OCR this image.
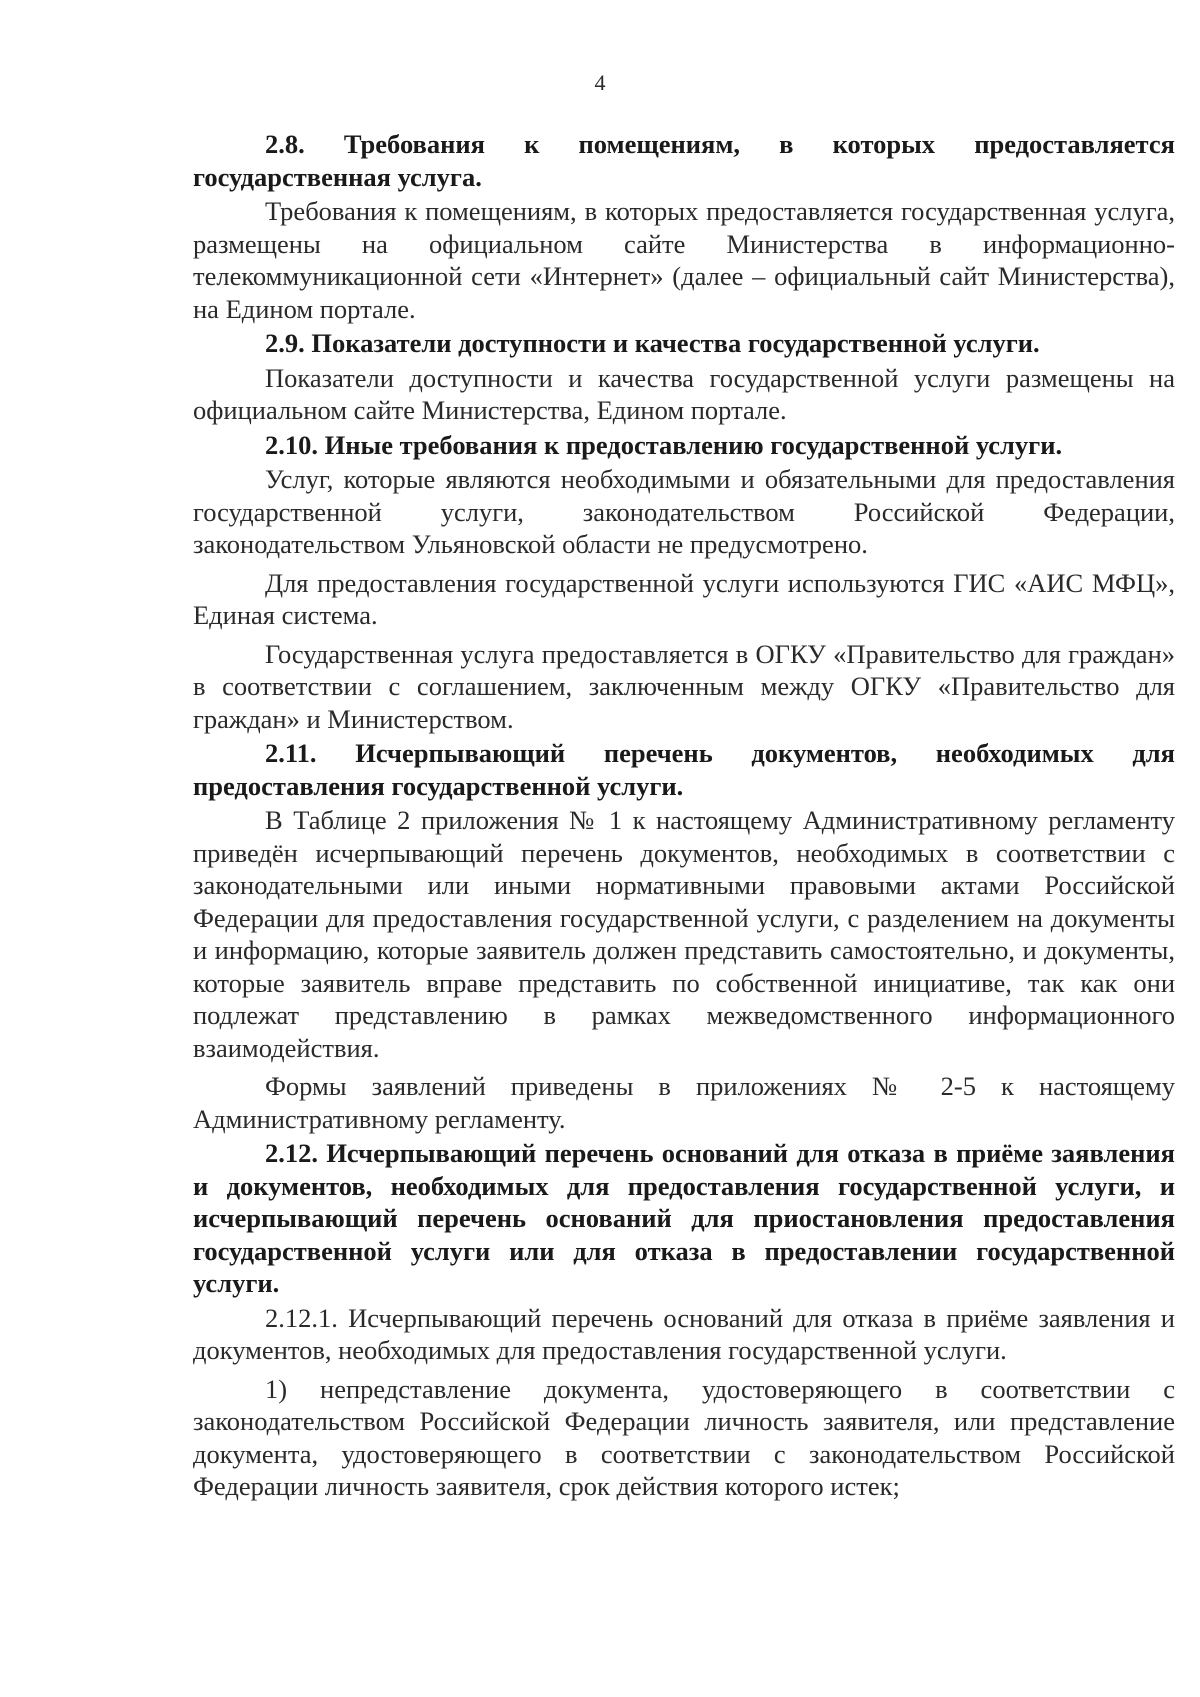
4

2.8. Требования к помещениям, в которых предоставляется государственная услуга.

Требования к помещениям, в которых предоставляется государственная услуга, размещены на официальном сайте Министерства в информационно-телекоммуникационной сети «Интернет» (далее – официальный сайт Министерства), на Едином портале.

2.9. Показатели доступности и качества государственной услуги.

Показатели доступности и качества государственной услуги размещены на официальном сайте Министерства, Едином портале.

2.10. Иные требования к предоставлению государственной услуги.

Услуг, которые являются необходимыми и обязательными для предоставления государственной услуги, законодательством Российской Федерации, законодательством Ульяновской области не предусмотрено.

Для предоставления государственной услуги используются ГИС «АИС МФЦ», Единая система.

Государственная услуга предоставляется в ОГКУ «Правительство для граждан» в соответствии с соглашением, заключенным между ОГКУ «Правительство для граждан» и Министерством.

2.11. Исчерпывающий перечень документов, необходимых для предоставления государственной услуги.

В Таблице 2 приложения № 1 к настоящему Административному регламенту приведён исчерпывающий перечень документов, необходимых в соответствии с законодательными или иными нормативными правовыми актами Российской Федерации для предоставления государственной услуги, с разделением на документы и информацию, которые заявитель должен представить самостоятельно, и документы, которые заявитель вправе представить по собственной инициативе, так как они подлежат представлению в рамках межведомственного информационного взаимодействия.

Формы заявлений приведены в приложениях № 2-5 к настоящему Административному регламенту.

2.12. Исчерпывающий перечень оснований для отказа в приёме заявления и документов, необходимых для предоставления государственной услуги, и исчерпывающий перечень оснований для приостановления предоставления государственной услуги или для отказа в предоставлении государственной услуги.

2.12.1. Исчерпывающий перечень оснований для отказа в приёме заявления и документов, необходимых для предоставления государственной услуги.

1) непредставление документа, удостоверяющего в соответствии с законодательством Российской Федерации личность заявителя, или представление документа, удостоверяющего в соответствии с законодательством Российской Федерации личность заявителя, срок действия которого истек;
